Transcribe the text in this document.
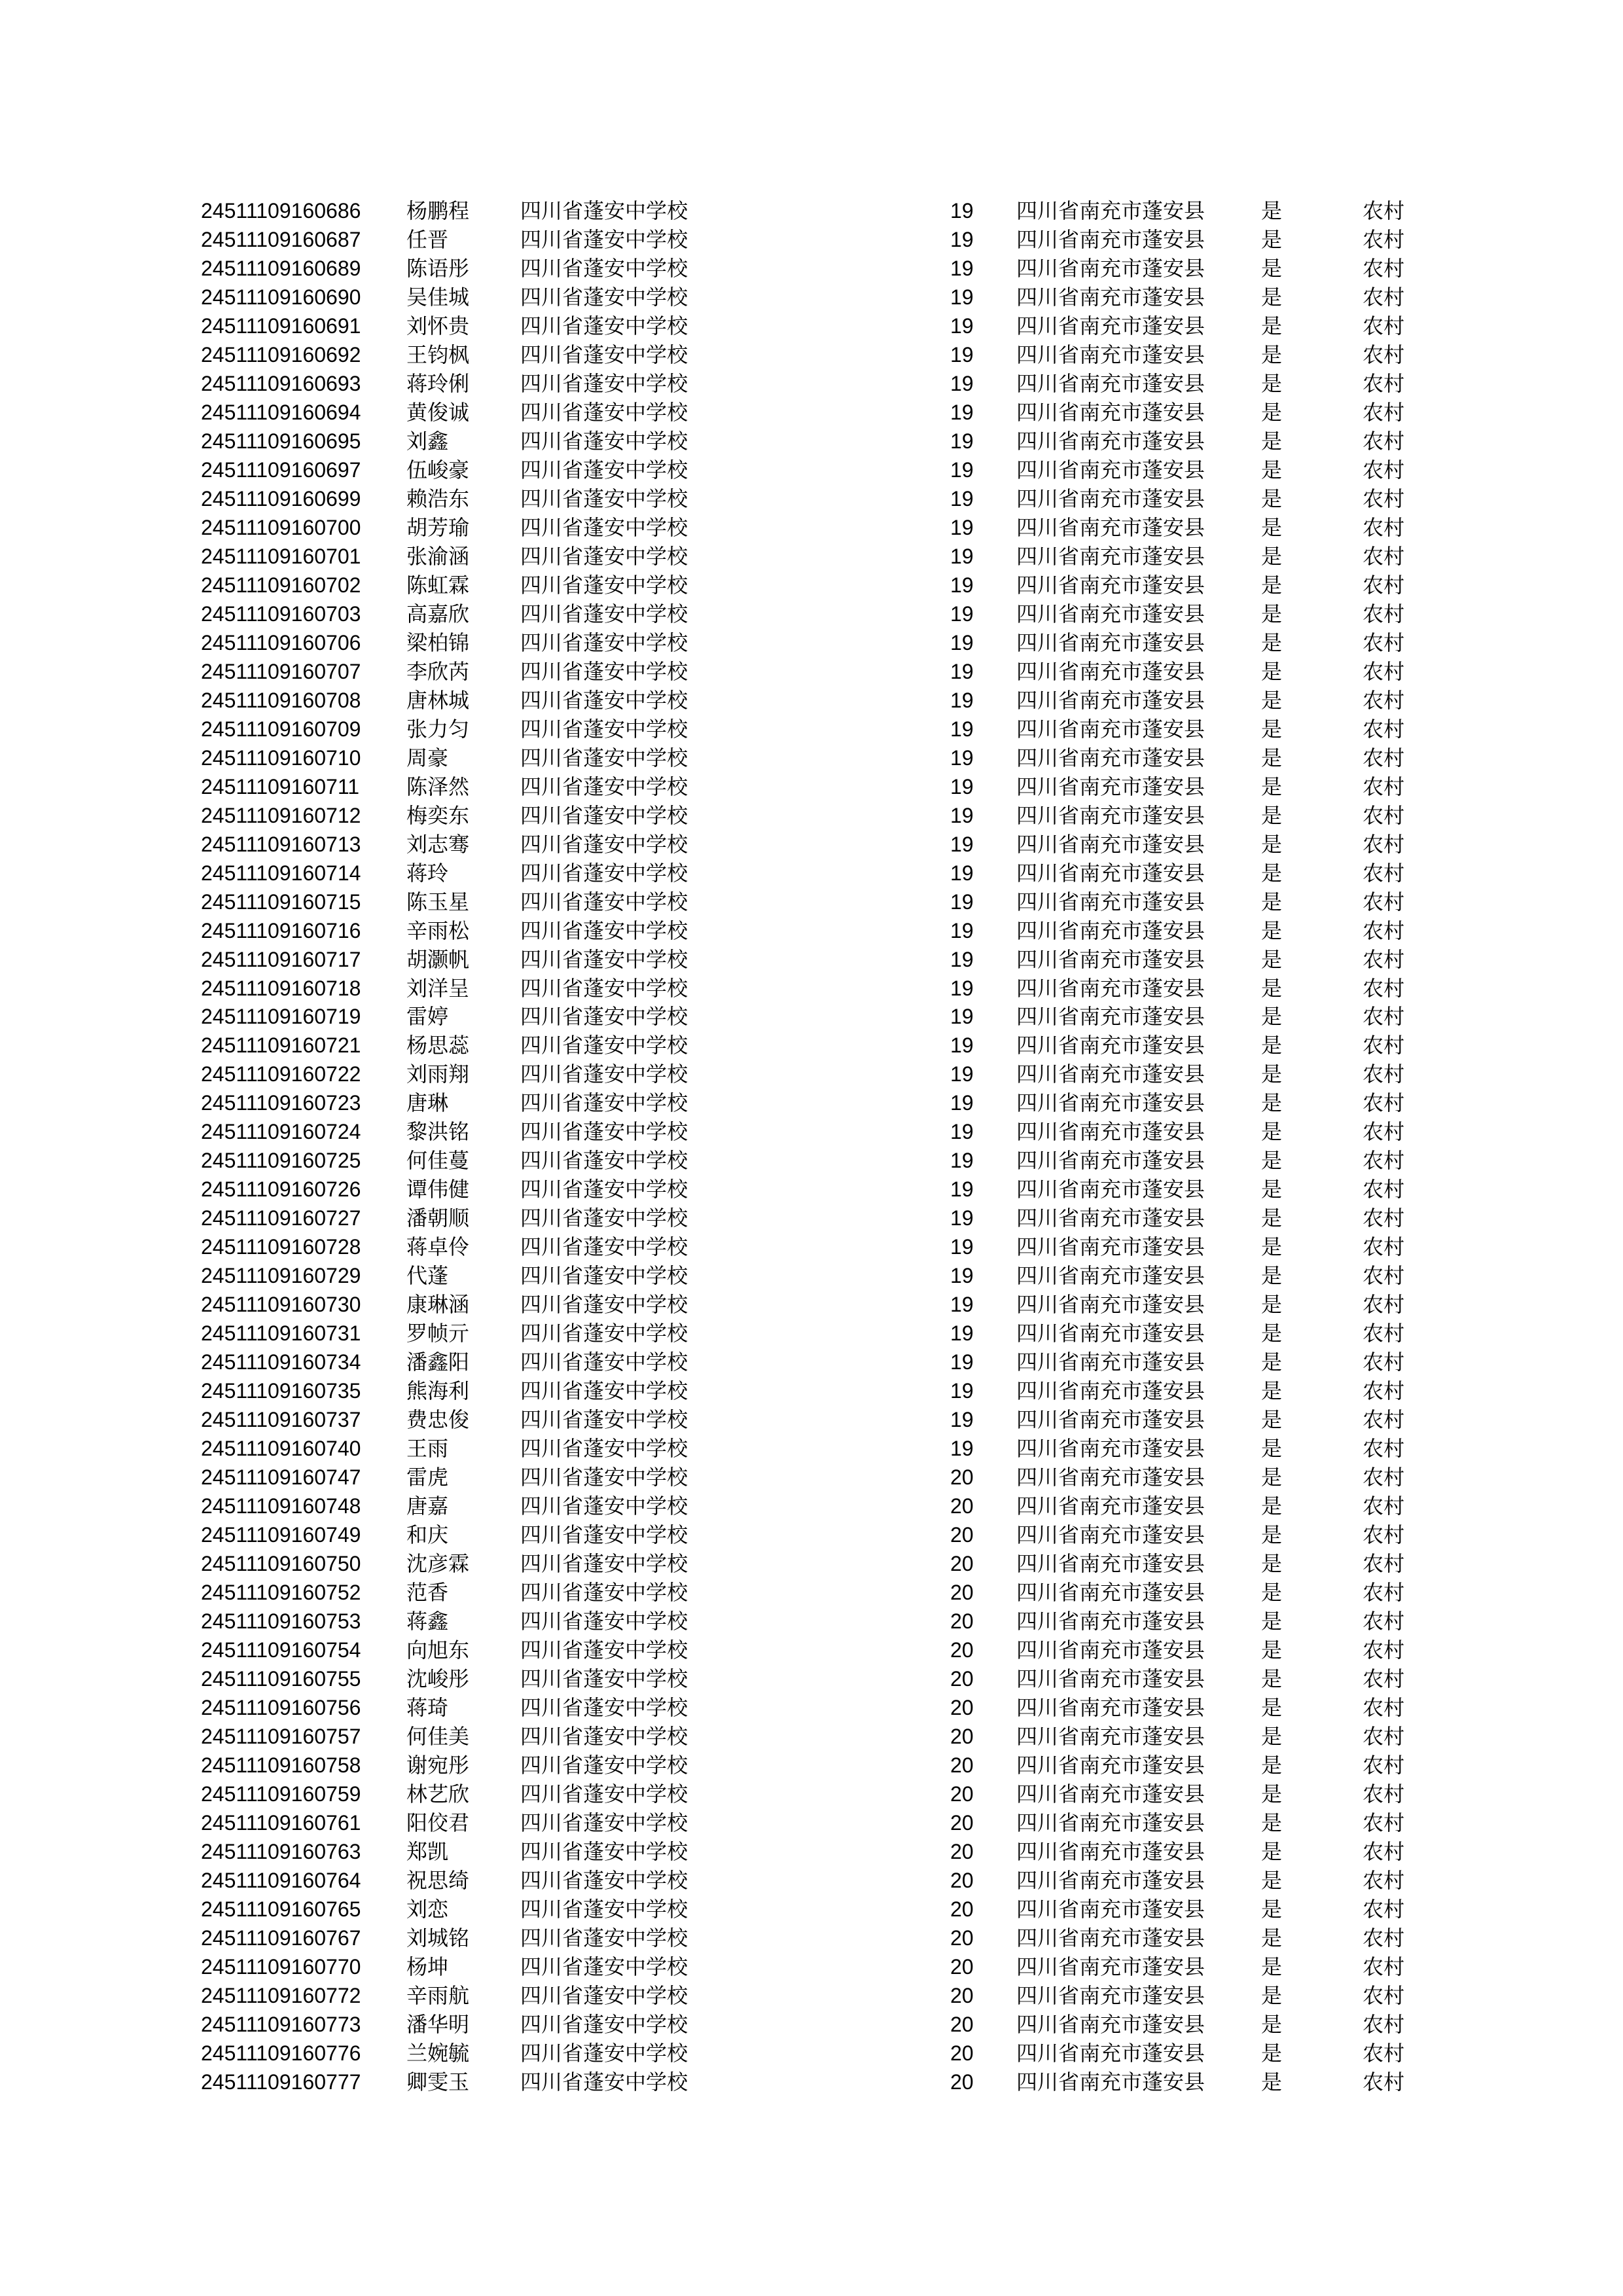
24511109160686 杨鹏程 四川省蓬安中学校	19 四川省南充市蓬安县	是	农村
24511109160687 任晋	四川省蓬安中学校	19 四川省南充市蓬安县	是	农村
24511109160689 陈语彤 四川省蓬安中学校	19 四川省南充市蓬安县	是	农村
24511109160690 吴佳城 四川省蓬安中学校	19 四川省南充市蓬安县	是	农村
24511109160691 刘怀贵 四川省蓬安中学校	19 四川省南充市蓬安县	是	农村
24511109160692 王钧枫 四川省蓬安中学校	19 四川省南充市蓬安县	是	农村
24511109160693 蒋玲俐 四川省蓬安中学校	19 四川省南充市蓬安县	是	农村
24511109160694 黄俊诚 四川省蓬安中学校	19 四川省南充市蓬安县	是	农村
24511109160695 刘鑫	四川省蓬安中学校	19 四川省南充市蓬安县	是	农村
24511109160697 伍峻豪 四川省蓬安中学校	19 四川省南充市蓬安县	是	农村
24511109160699 赖浩东 四川省蓬安中学校	19 四川省南充市蓬安县	是	农村
24511109160700 胡芳瑜 四川省蓬安中学校	19 四川省南充市蓬安县	是	农村
24511109160701 张渝涵 四川省蓬安中学校	19 四川省南充市蓬安县	是	农村
24511109160702 陈虹霖 四川省蓬安中学校	19 四川省南充市蓬安县	是	农村
24511109160703 高嘉欣 四川省蓬安中学校	19 四川省南充市蓬安县	是	农村
24511109160706 梁柏锦 四川省蓬安中学校	19 四川省南充市蓬安县	是	农村
24511109160707 李欣芮 四川省蓬安中学校	19 四川省南充市蓬安县	是	农村
24511109160708 唐林城 四川省蓬安中学校	19 四川省南充市蓬安县	是	农村
24511109160709 张力匀 四川省蓬安中学校	19 四川省南充市蓬安县	是	农村
24511109160710 周豪	四川省蓬安中学校	19 四川省南充市蓬安县	是	农村
24511109160711 陈泽然 四川省蓬安中学校	19 四川省南充市蓬安县	是	农村
24511109160712 梅奕东 四川省蓬安中学校	19 四川省南充市蓬安县	是	农村
24511109160713 刘志骞 四川省蓬安中学校	19 四川省南充市蓬安县	是	农村
24511109160714 蒋玲	四川省蓬安中学校	19 四川省南充市蓬安县	是	农村
24511109160715 陈玉星 四川省蓬安中学校	19 四川省南充市蓬安县	是	农村
24511109160716 辛雨松 四川省蓬安中学校	19 四川省南充市蓬安县	是	农村
24511109160717 胡灏帆 四川省蓬安中学校	19 四川省南充市蓬安县	是	农村
24511109160718 刘洋呈 四川省蓬安中学校	19 四川省南充市蓬安县	是	农村
24511109160719 雷婷	四川省蓬安中学校	19 四川省南充市蓬安县	是	农村
24511109160721 杨思蕊 四川省蓬安中学校	19 四川省南充市蓬安县	是	农村
24511109160722 刘雨翔 四川省蓬安中学校	19 四川省南充市蓬安县	是	农村
24511109160723 唐琳	四川省蓬安中学校	19 四川省南充市蓬安县	是	农村
24511109160724 黎洪铭 四川省蓬安中学校	19 四川省南充市蓬安县	是	农村
24511109160725 何佳蔓 四川省蓬安中学校	19 四川省南充市蓬安县	是	农村
24511109160726 谭伟健 四川省蓬安中学校	19 四川省南充市蓬安县	是	农村
24511109160727 潘朝顺 四川省蓬安中学校	19 四川省南充市蓬安县	是	农村
24511109160728 蒋卓伶 四川省蓬安中学校	19 四川省南充市蓬安县	是	农村
24511109160729 代蓬	四川省蓬安中学校	19 四川省南充市蓬安县	是	农村
24511109160730 康琳涵 四川省蓬安中学校	19 四川省南充市蓬安县	是	农村
24511109160731 罗帧亓 四川省蓬安中学校	19 四川省南充市蓬安县	是	农村
24511109160734 潘鑫阳 四川省蓬安中学校	19 四川省南充市蓬安县	是	农村
24511109160735 熊海利 四川省蓬安中学校	19 四川省南充市蓬安县	是	农村
24511109160737 费忠俊 四川省蓬安中学校	19 四川省南充市蓬安县	是	农村
24511109160740 王雨	四川省蓬安中学校	19 四川省南充市蓬安县	是	农村
24511109160747 雷虎	四川省蓬安中学校	20 四川省南充市蓬安县	是	农村
24511109160748 唐嘉	四川省蓬安中学校	20 四川省南充市蓬安县	是	农村
24511109160749 和庆	四川省蓬安中学校	20 四川省南充市蓬安县	是	农村
24511109160750 沈彦霖 四川省蓬安中学校	20 四川省南充市蓬安县	是	农村
24511109160752 范香	四川省蓬安中学校	20 四川省南充市蓬安县	是	农村
24511109160753 蒋鑫	四川省蓬安中学校	20 四川省南充市蓬安县	是	农村
24511109160754 向旭东 四川省蓬安中学校	20 四川省南充市蓬安县	是	农村
24511109160755 沈峻彤 四川省蓬安中学校	20 四川省南充市蓬安县	是	农村
24511109160756 蒋琦	四川省蓬安中学校	20 四川省南充市蓬安县	是	农村
24511109160757 何佳美 四川省蓬安中学校	20 四川省南充市蓬安县	是	农村
24511109160758 谢宛彤 四川省蓬安中学校	20 四川省南充市蓬安县	是	农村
24511109160759 林艺欣 四川省蓬安中学校	20 四川省南充市蓬安县	是	农村
24511109160761 阳佼君 四川省蓬安中学校	20 四川省南充市蓬安县	是	农村
24511109160763 郑凯	四川省蓬安中学校	20 四川省南充市蓬安县	是	农村
24511109160764 祝思绮 四川省蓬安中学校	20 四川省南充市蓬安县	是	农村
24511109160765 刘恋	四川省蓬安中学校	20 四川省南充市蓬安县	是	农村
24511109160767 刘城铭 四川省蓬安中学校	20 四川省南充市蓬安县	是	农村
24511109160770 杨坤	四川省蓬安中学校	20 四川省南充市蓬安县	是	农村
24511109160772 辛雨航 四川省蓬安中学校	20 四川省南充市蓬安县	是	农村
24511109160773 潘华明 四川省蓬安中学校	20 四川省南充市蓬安县	是	农村
24511109160776 兰婉毓 四川省蓬安中学校	20 四川省南充市蓬安县	是	农村
24511109160777 卿雯玉 四川省蓬安中学校	20 四川省南充市蓬安县	是	农村
